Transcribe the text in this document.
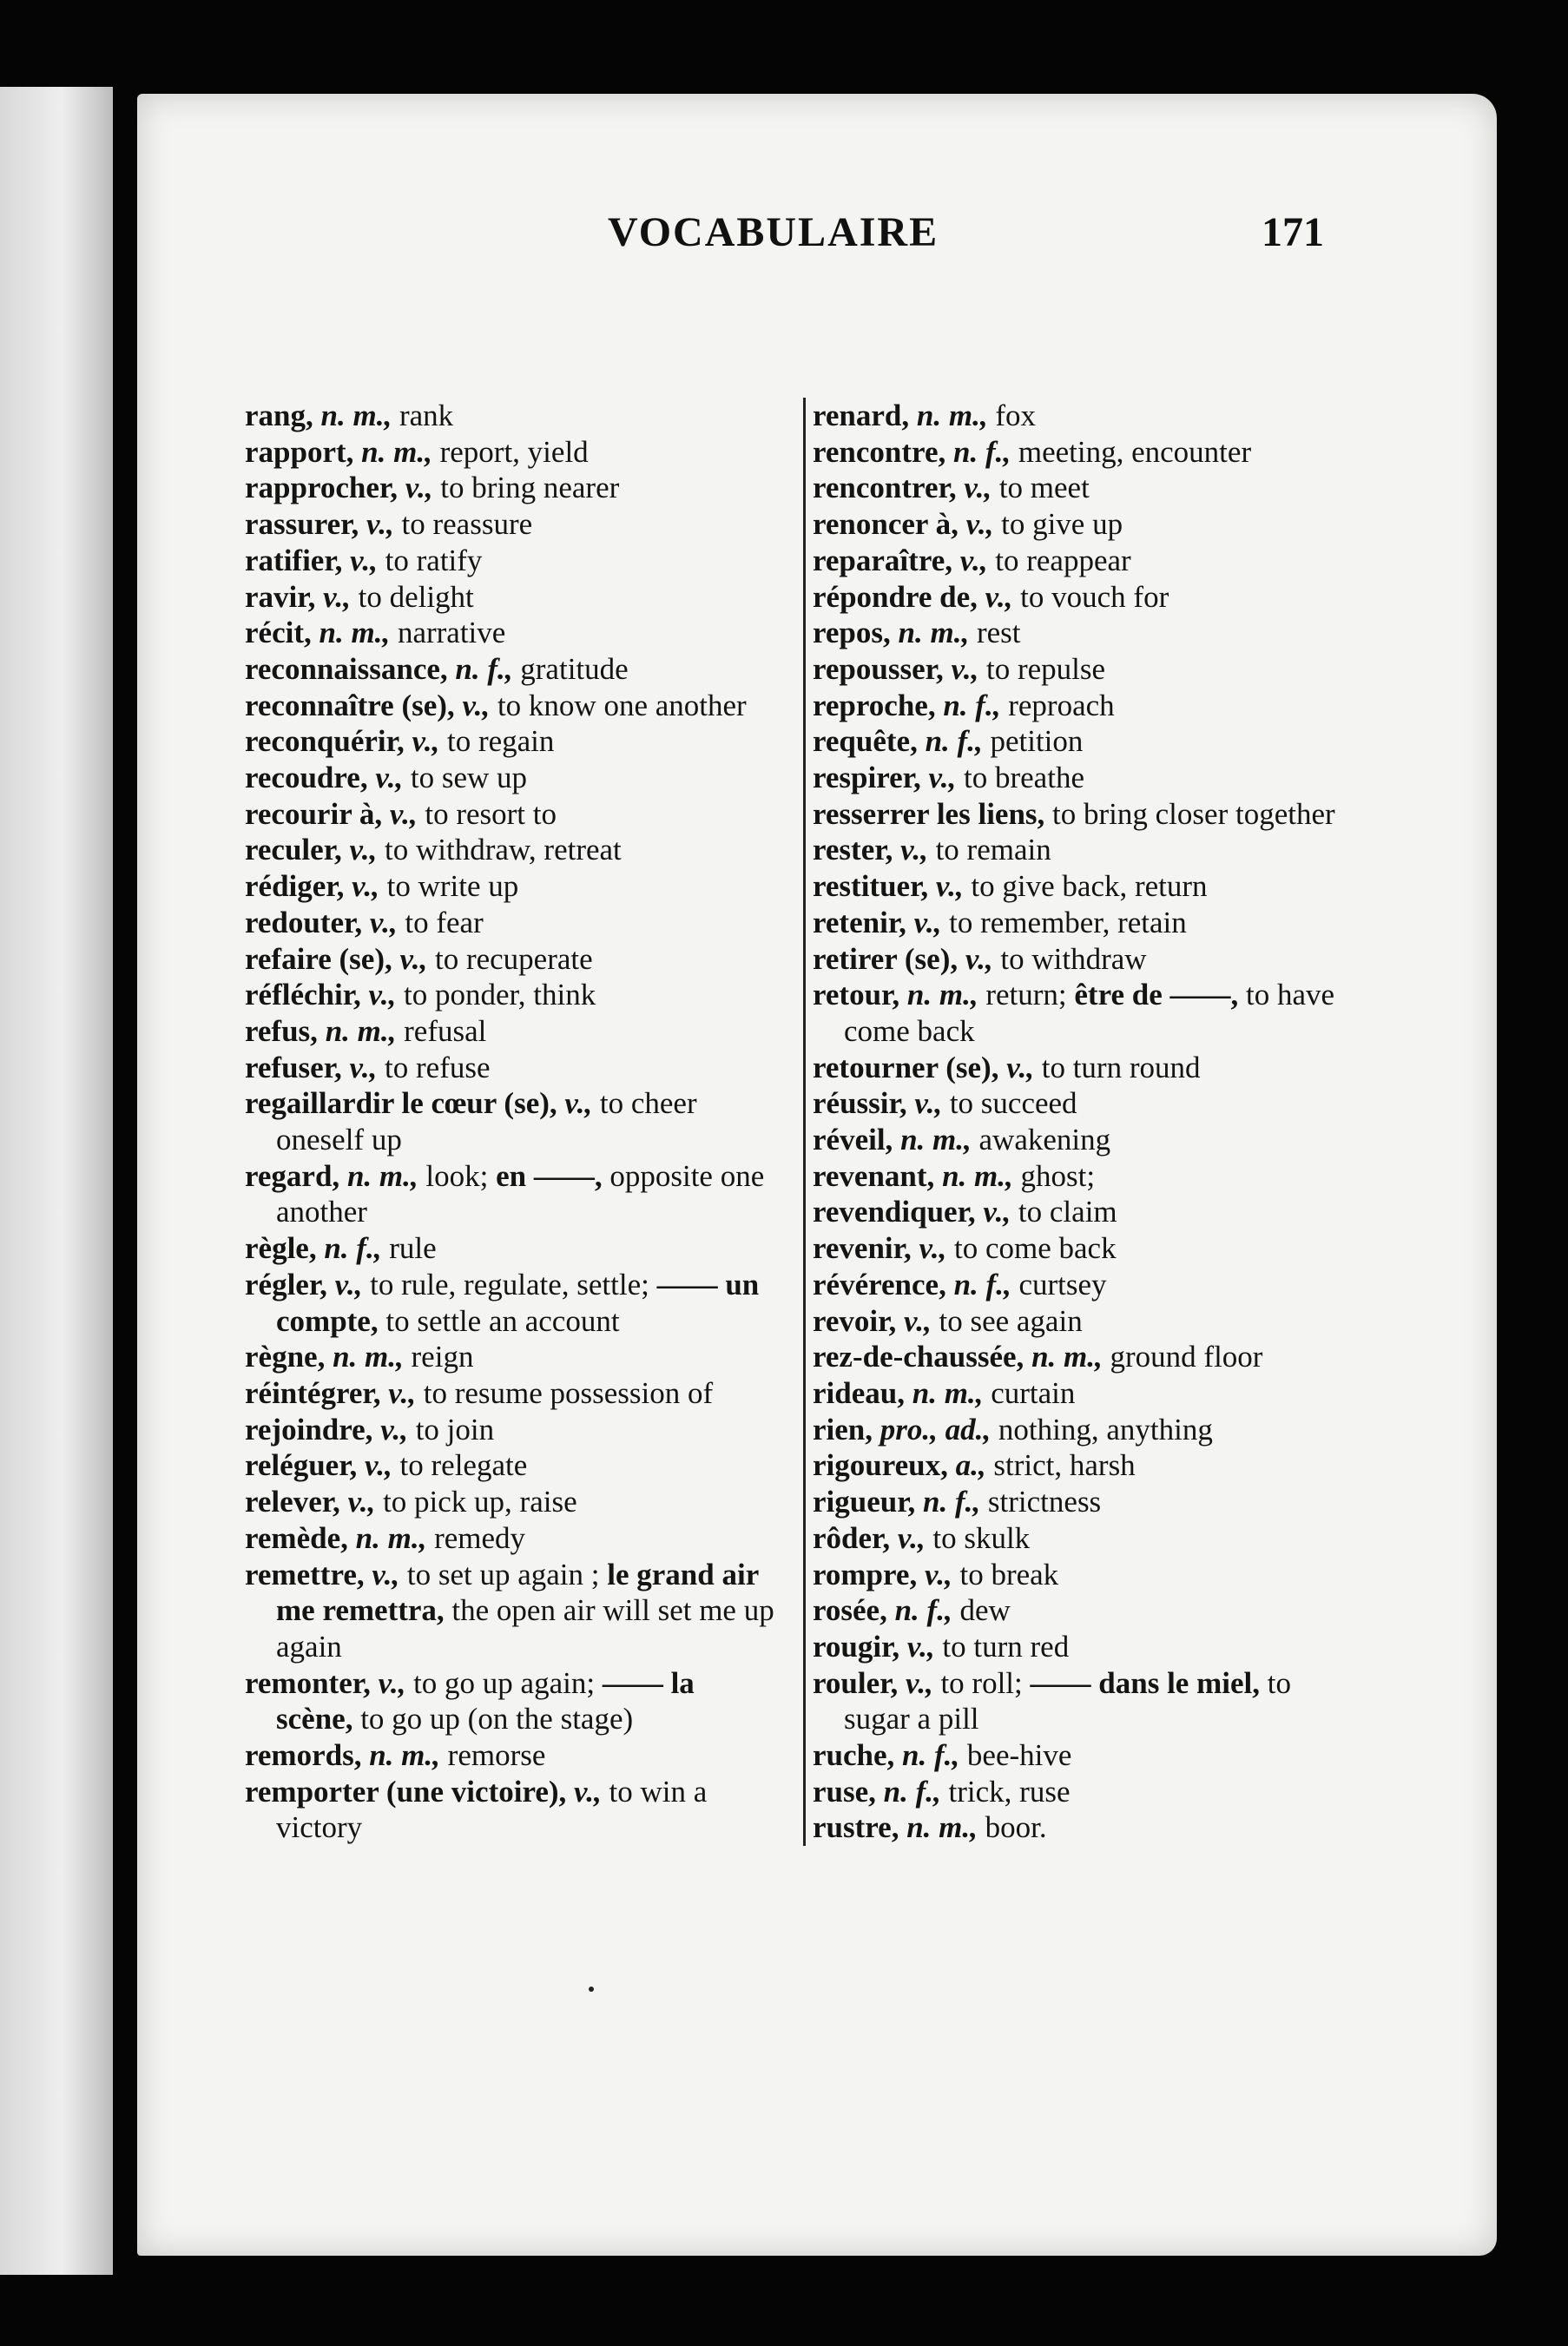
VOCABULAIRE	171

rang, n. m., rank

rapport, n. m., report, yield

rapprocher, v., to bring nearer

rassurer, v., to reassure

ratifier, v., to ratify

ravir, v., to delight

récit, n. m., narrative

reconnaissance, n. f., gratitude

reconnaître (se), v., to know one another

reconquérir, v., to regain

recoudre, v., to sew up

recourir à, v., to resort to

reculer, v., to withdraw, retreat

rédiger, v., to write up

redouter, v., to fear

refaire (se), v., to recuperate

réfléchir, v., to ponder, think

refus, n. m., refusal

refuser, v., to refuse

regaillardir le cœur (se), v., to cheer oneself up

regard, n. m., look; en ——, opposite one another

règle, n. f., rule

régler, v., to rule, regulate, settle; —— un compte, to settle an account

règne, n. m., reign

réintégrer, v., to resume possession of

rejoindre, v., to join

reléguer, v., to relegate

relever, v., to pick up, raise

remède, n. m., remedy

remettre, v., to set up again ; le grand air me remettra, the open air will set me up again

remonter, v., to go up again; —— la scène, to go up (on the stage)

remords, n. m., remorse

remporter (une victoire), v., to win a victory

renard, n. m., fox

rencontre, n. f., meeting, encounter

rencontrer, v., to meet

renoncer à, v., to give up

reparaître, v., to reappear

répondre de, v., to vouch for

repos, n. m., rest

repousser, v., to repulse

reproche, n. f., reproach

requête, n. f., petition

respirer, v., to breathe

resserrer les liens, to bring closer together

rester, v., to remain

restituer, v., to give back, return

retenir, v., to remember, retain

retirer (se), v., to withdraw

retour, n. m., return; être de ——, to have come back

retourner (se), v., to turn round

réussir, v., to succeed

réveil, n. m., awakening

revenant, n. m., ghost;

revendiquer, v., to claim

revenir, v., to come back

révérence, n. f., curtsey

revoir, v., to see again

rez-de-chaussée, n. m., ground floor

rideau, n. m., curtain

rien, pro., ad., nothing, anything

rigoureux, a., strict, harsh

rigueur, n. f., strictness

rôder, v., to skulk

rompre, v., to break

rosée, n. f., dew

rougir, v., to turn red

rouler, v., to roll; —— dans le miel, to sugar a pill

ruche, n. f., bee-hive

ruse, n. f., trick, ruse

rustre, n. m., boor.
